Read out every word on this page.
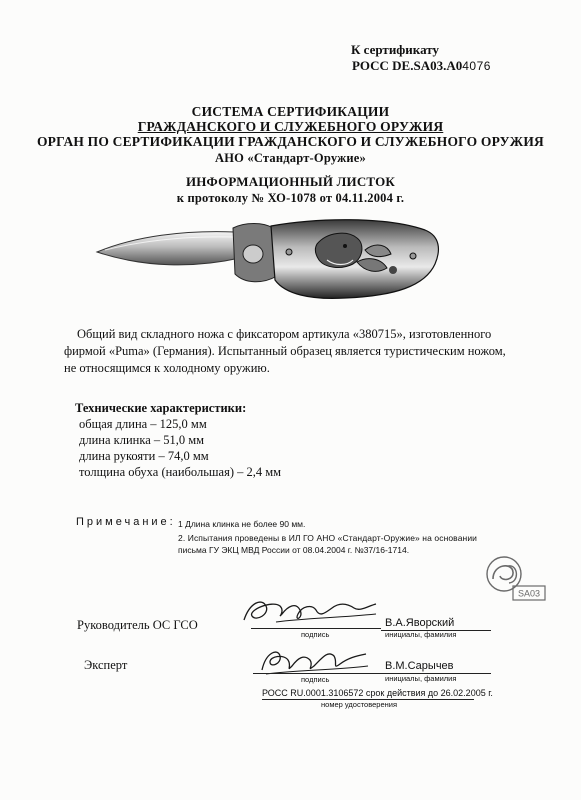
К сертификату
РОСС DE.SA03.А04076
СИСТЕМА СЕРТИФИКАЦИИ
ГРАЖДАНСКОГО И СЛУЖЕБНОГО ОРУЖИЯ
ОРГАН ПО СЕРТИФИКАЦИИ ГРАЖДАНСКОГО И СЛУЖЕБНОГО ОРУЖИЯ
АНО «Стандарт-Оружие»
ИНФОРМАЦИОННЫЙ ЛИСТОК
к протоколу № ХО-1078 от 04.11.2004 г.
Общий вид складного ножа с фиксатором артикула «380715», изготовленного
фирмой «Puma» (Германия). Испытанный образец является туристическим ножом,
не относящимся к холодному оружию.
Технические характеристики:
общая длина – 125,0 мм
длина клинка – 51,0 мм
длина рукояти – 74,0 мм
толщина обуха (наибольшая) – 2,4 мм
Примечание: 1 Длина клинка не более 90 мм.
2. Испытания проведены в ИЛ ГО АНО «Стандарт-Оружие» на основании
письма ГУ ЭКЦ МВД России от 08.04.2004 г. №37/16-1714.
SA03
Руководитель ОС ГСО
подпись
В.А.Яворский
инициалы, фамилия
Эксперт
подпись
В.М.Сарычев
инициалы, фамилия
РОСС RU.0001.3106572 срок действия до 26.02.2005 г.
номер удостоверения
